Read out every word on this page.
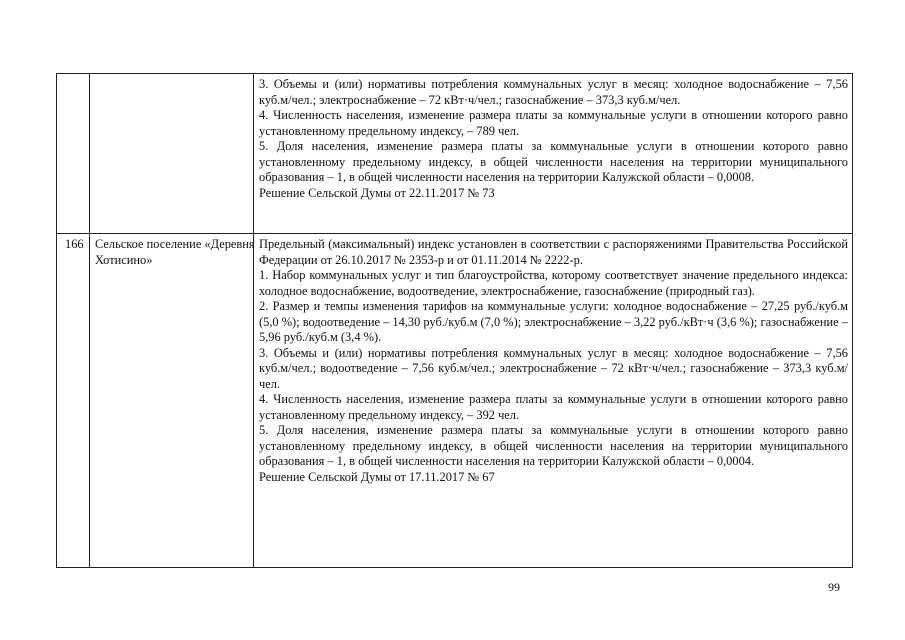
3. Объемы и (или) нормативы потребления коммунальных услуг в месяц: холодное водоснабжение – 7,56 куб.м/чел.; электроснабжение – 72 кВт·ч/чел.; газоснабжение – 373,3 куб.м/чел.

4. Численность населения, изменение размера платы за коммунальные услуги в отношении которого равно установленному предельному индексу, – 789 чел.

5. Доля населения, изменение размера платы за коммунальные услуги в отношении которого равно установленному предельному индексу, в общей численности населения на территории муниципального образования – 1, в общей численности населения на территории Калужской области – 0,0008.

Решение Сельской Думы от 22.11.2017 № 73

166 Сельское поселение «Деревня Хотисино»

Предельный (максимальный) индекс установлен в соответствии с распоряжениями Правительства Российской Федерации от 26.10.2017 № 2353-р и от 01.11.2014 № 2222-р.

1. Набор коммунальных услуг и тип благоустройства, которому соответствует значение предельного индекса: холодное водоснабжение, водоотведение, электроснабжение, газоснабжение (природный газ).

2. Размер и темпы изменения тарифов на коммунальные услуги: холодное водоснабжение – 27,25 руб./куб.м (5,0 %); водоотведение – 14,30 руб./куб.м (7,0 %); электроснабжение – 3,22 руб./кВт·ч (3,6 %); газоснабжение – 5,96 руб./куб.м (3,4 %).

3. Объемы и (или) нормативы потребления коммунальных услуг в месяц: холодное водоснабжение – 7,56 куб.м/чел.; водоотведение – 7,56 куб.м/чел.; электроснабжение – 72 кВт·ч/чел.; газоснабжение – 373,3 куб.м/чел.

4. Численность населения, изменение размера платы за коммунальные услуги в отношении которого равно установленному предельному индексу, – 392 чел.

5. Доля населения, изменение размера платы за коммунальные услуги в отношении которого равно установленному предельному индексу, в общей численности населения на территории муниципального образования – 1, в общей численности населения на территории Калужской области – 0,0004.

Решение Сельской Думы от 17.11.2017 № 67

99
